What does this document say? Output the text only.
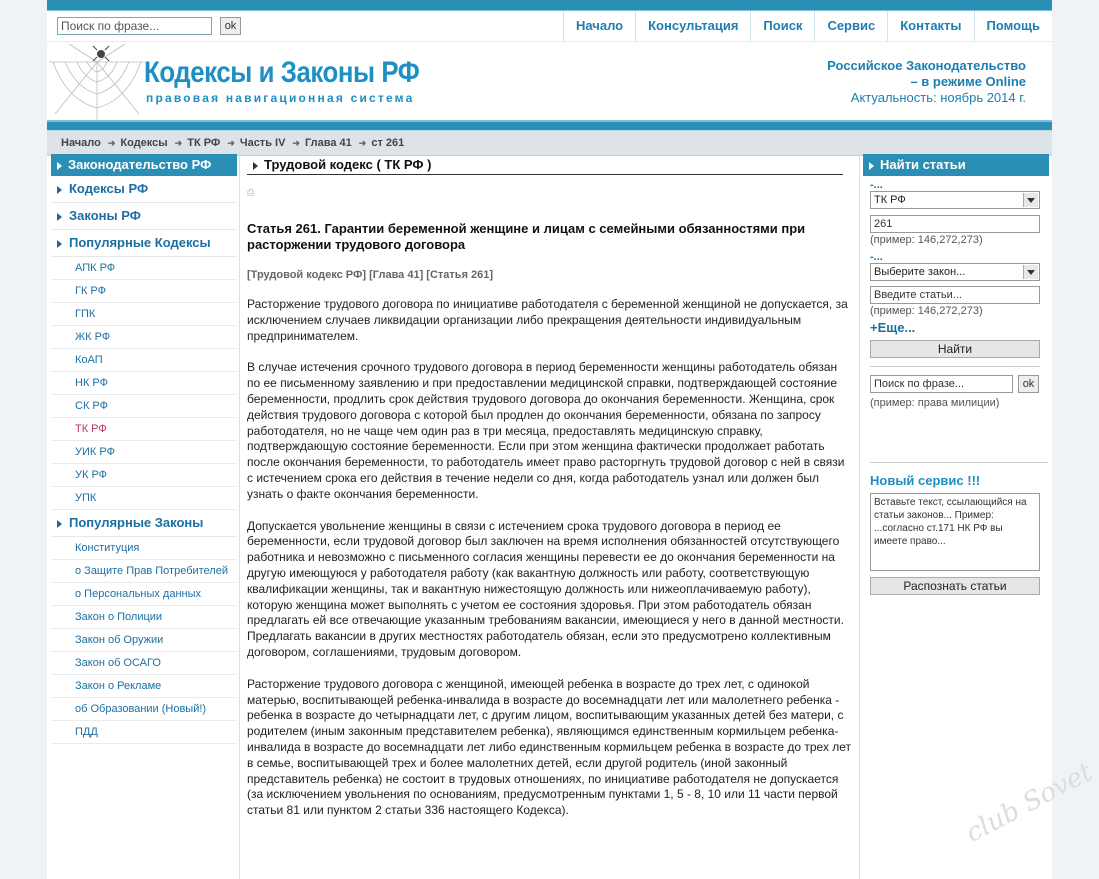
Поиск по фразе...	ok	Начало	Консультация	Поиск	Сервис	Контакты	Помощь
Кодексы и Законы РФ
правовая навигационная система
Российское Законодательство
– в режиме Online
Актуальность: ноябрь 2014 г.
Начало ➜ Кодексы ➜ ТК РФ ➜ Часть IV ➜ Глава 41 ➜ ст 261
Законодательство РФ
Кодексы РФ
Законы РФ
Популярные Кодексы
АПК РФ
ГК РФ
ГПК
ЖК РФ
КоАП
НК РФ
СК РФ
ТК РФ
УИК РФ
УК РФ
УПК
Популярные Законы
Конституция
о Защите Прав Потребителей
о Персональных данных
Закон о Полиции
Закон об Оружии
Закон об ОСАГО
Закон о Рекламе
об Образовании (Новый!)
ПДД
Трудовой кодекс ( ТК РФ )
⎙
Статья 261. Гарантии беременной женщине и лицам с семейными обязанностями при расторжении трудового договора
[Трудовой кодекс РФ] [Глава 41] [Статья 261]
Расторжение трудового договора по инициативе работодателя с беременной женщиной не допускается, за исключением случаев ликвидации организации либо прекращения деятельности индивидуальным предпринимателем.
В случае истечения срочного трудового договора в период беременности женщины работодатель обязан по ее письменному заявлению и при предоставлении медицинской справки, подтверждающей состояние беременности, продлить срок действия трудового договора до окончания беременности. Женщина, срок действия трудового договора с которой был продлен до окончания беременности, обязана по запросу работодателя, но не чаще чем один раз в три месяца, предоставлять медицинскую справку, подтверждающую состояние беременности. Если при этом женщина фактически продолжает работать после окончания беременности, то работодатель имеет право расторгнуть трудовой договор с ней в связи с истечением срока его действия в течение недели со дня, когда работодатель узнал или должен был узнать о факте окончания беременности.
Допускается увольнение женщины в связи с истечением срока трудового договора в период ее беременности, если трудовой договор был заключен на время исполнения обязанностей отсутствующего работника и невозможно с письменного согласия женщины перевести ее до окончания беременности на другую имеющуюся у работодателя работу (как вакантную должность или работу, соответствующую квалификации женщины, так и вакантную нижестоящую должность или нижеоплачиваемую работу), которую женщина может выполнять с учетом ее состояния здоровья. При этом работодатель обязан предлагать ей все отвечающие указанным требованиям вакансии, имеющиеся у него в данной местности. Предлагать вакансии в других местностях работодатель обязан, если это предусмотрено коллективным договором, соглашениями, трудовым договором.
Расторжение трудового договора с женщиной, имеющей ребенка в возрасте до трех лет, с одинокой матерью, воспитывающей ребенка-инвалида в возрасте до восемнадцати лет или малолетнего ребенка - ребенка в возрасте до четырнадцати лет, с другим лицом, воспитывающим указанных детей без матери, с родителем (иным законным представителем ребенка), являющимся единственным кормильцем ребенка-инвалида в возрасте до восемнадцати лет либо единственным кормильцем ребенка в возрасте до трех лет в семье, воспитывающей трех и более малолетних детей, если другой родитель (иной законный представитель ребенка) не состоит в трудовых отношениях, по инициативе работодателя не допускается (за исключением увольнения по основаниям, предусмотренным пунктами 1, 5 - 8, 10 или 11 части первой статьи 81 или пунктом 2 статьи 336 настоящего Кодекса).
Найти статьи
-...
ТК РФ
261
(пример: 146,272,273)
-...
Выберите закон...
Введите статьи...
(пример: 146,272,273)
+Еще...
Найти
Поиск по фразе...	ok
(пример: права милиции)
Новый сервис !!!
Вставьте текст, ссылающийся на статьи законов... Пример: ...согласно ст.171 НК РФ вы имеете право...
Распознать статьи
club Sovet
